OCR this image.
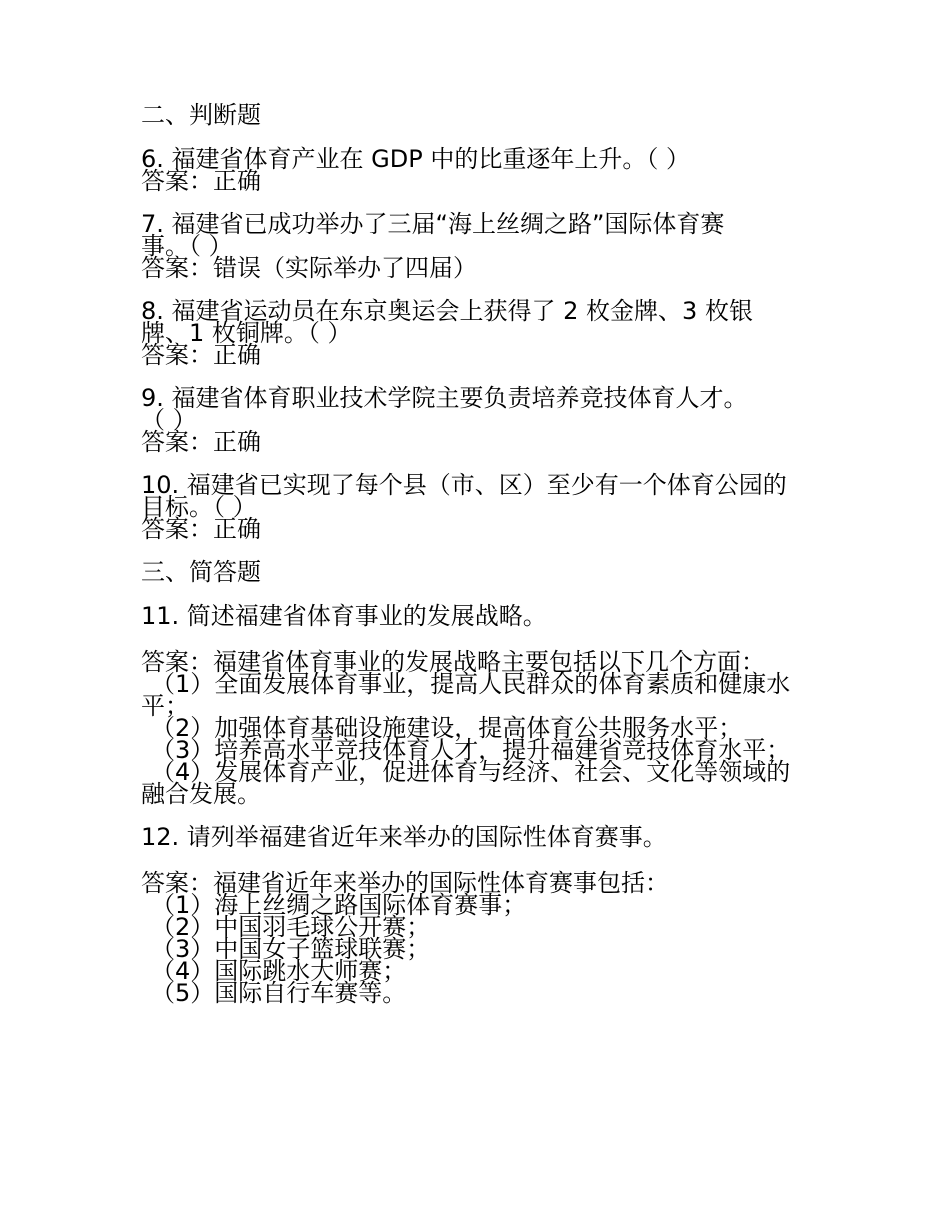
二、判断题
6. 福建省体育产业在 GDP 中的比重逐年上升。（ ）
答案：正确
7. 福建省已成功举办了三届“海上丝绸之路”国际体育赛
事。（ ）
答案：错误（实际举办了四届）
8. 福建省运动员在东京奥运会上获得了 2 枚金牌、3 枚银
牌、1 枚铜牌。（ ）
答案：正确
9. 福建省体育职业技术学院主要负责培养竞技体育人才。
（ ）
答案：正确
10. 福建省已实现了每个县（市、区）至少有一个体育公园的
目标。（ ）
答案：正确
三、简答题
11. 简述福建省体育事业的发展战略。
答案：福建省体育事业的发展战略主要包括以下几个方面：
（1）全面发展体育事业，提高人民群众的体育素质和健康水
平；
（2）加强体育基础设施建设，提高体育公共服务水平；
（3）培养高水平竞技体育人才，提升福建省竞技体育水平；
（4）发展体育产业，促进体育与经济、社会、文化等领域的
融合发展。
12. 请列举福建省近年来举办的国际性体育赛事。
答案：福建省近年来举办的国际性体育赛事包括：
（1）海上丝绸之路国际体育赛事；
（2）中国羽毛球公开赛；
（3）中国女子篮球联赛；
（4）国际跳水大师赛；
（5）国际自行车赛等。
